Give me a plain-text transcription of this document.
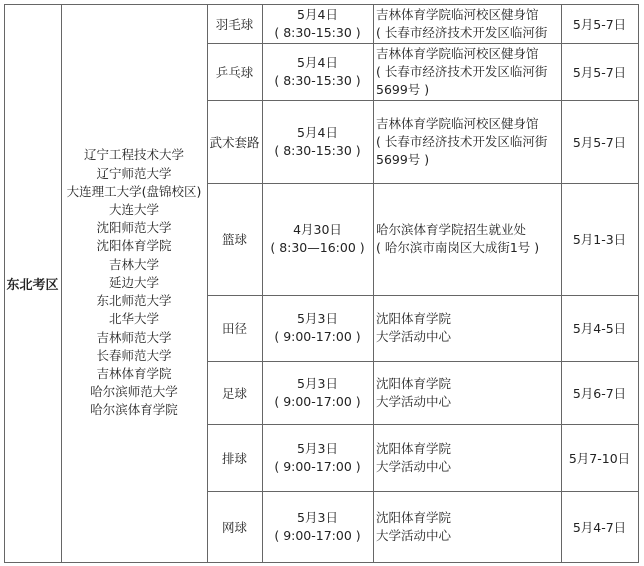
东北考区
辽宁工程技术大学
辽宁师范大学
大连理工大学(盘锦校区)
大连大学
沈阳师范大学
沈阳体育学院
吉林大学
延边大学
东北师范大学
北华大学
吉林师范大学
长春师范大学
吉林体育学院
哈尔滨师范大学
哈尔滨体育学院
羽毛球
5月4日
( 8:30-15:30 )
吉林体育学院临河校区健身馆
( 长春市经济技术开发区临河街
5月5-7日
乒乓球
5月4日
( 8:30-15:30 )
吉林体育学院临河校区健身馆
( 长春市经济技术开发区临河街
5699号 )
5月5-7日
武术套路
5月4日
( 8:30-15:30 )
吉林体育学院临河校区健身馆
( 长春市经济技术开发区临河街
5699号 )
5月5-7日
篮球
4月30日
( 8:30—16:00 )
哈尔滨体育学院招生就业处
( 哈尔滨市南岗区大成街1号 )
5月1-3日
田径
5月3日
( 9:00-17:00 )
沈阳体育学院
大学活动中心
5月4-5日
足球
5月3日
( 9:00-17:00 )
沈阳体育学院
大学活动中心
5月6-7日
排球
5月3日
( 9:00-17:00 )
沈阳体育学院
大学活动中心
5月7-10日
网球
5月3日
( 9:00-17:00 )
沈阳体育学院
大学活动中心
5月4-7日
